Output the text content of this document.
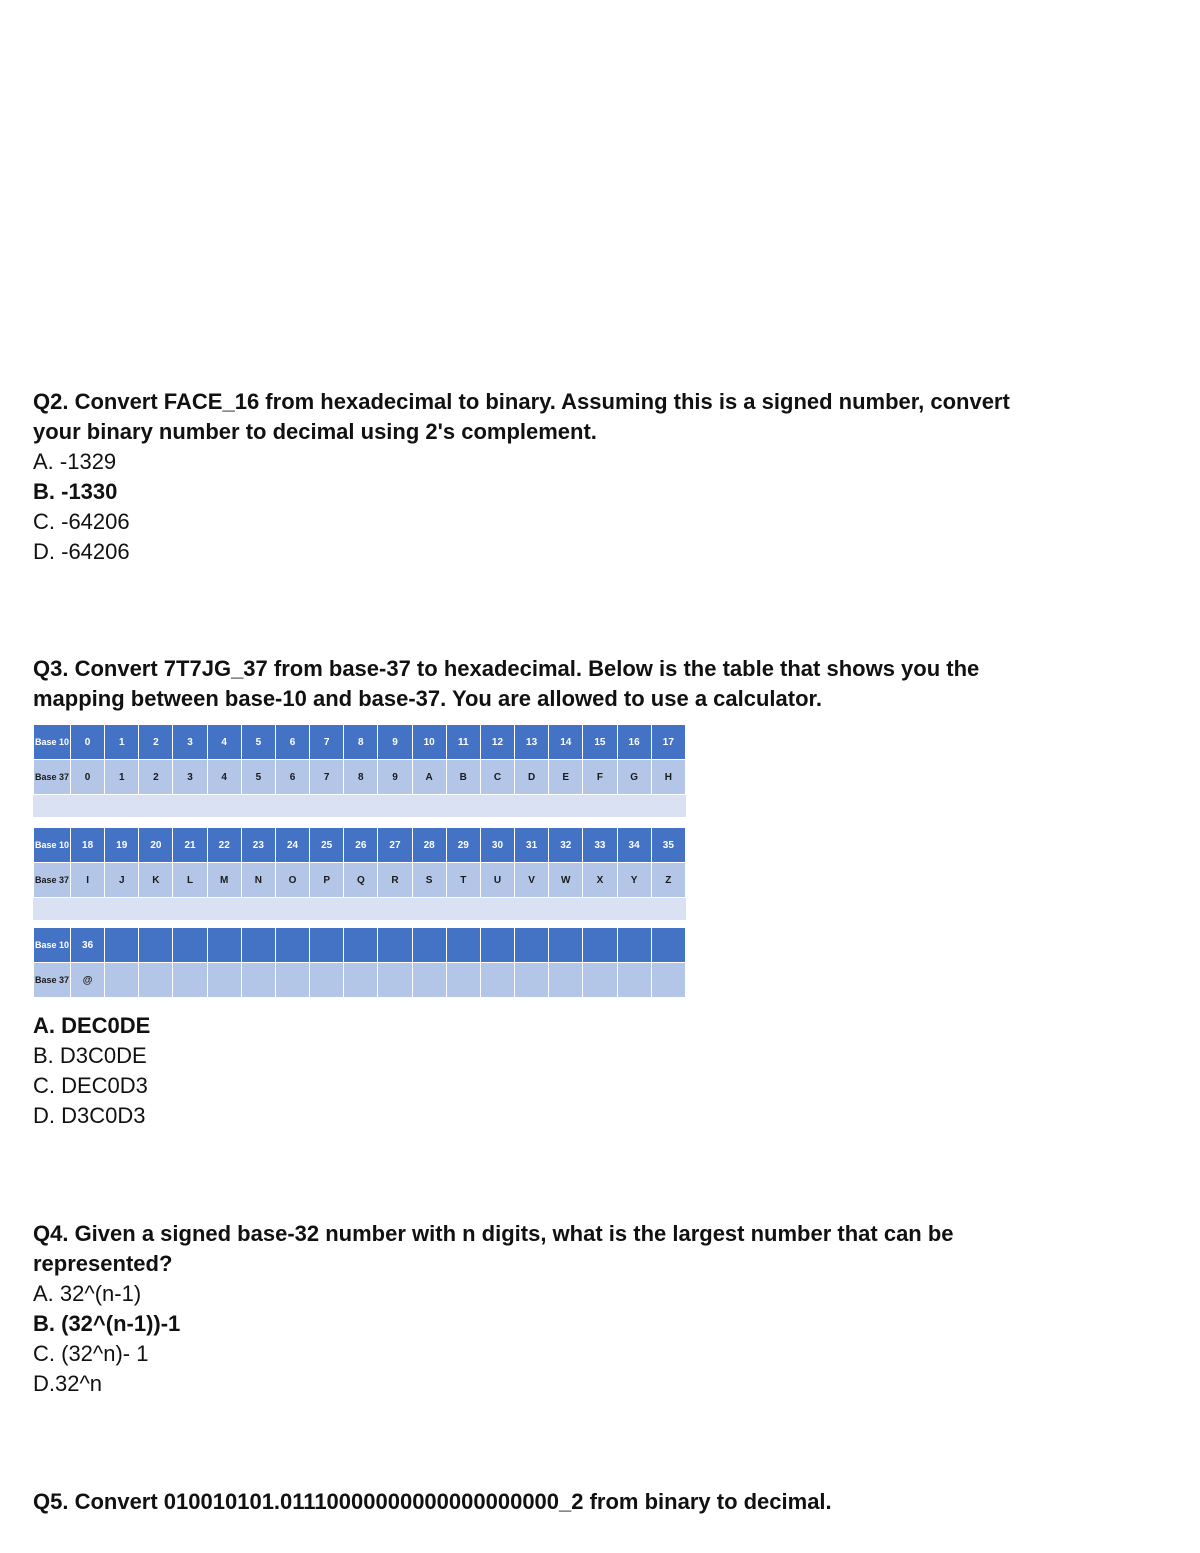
Q2. Convert FACE_16 from hexadecimal to binary. Assuming this is a signed number, convert your binary number to decimal using 2's complement.

A. -1329

B. -1330

C. -64206

D. -64206

Q3. Convert 7T7JG_37 from base-37 to hexadecimal. Below is the table that shows you the mapping between base-10 and base-37. You are allowed to use a calculator.

Base 10	0	1	2	3	4	5	6	7	8	9	10	11	12	13	14	15	16	17
Base 37	0	1	2	3	4	5	6	7	8	9	A	B	C	D	E	F	G	H
Base 10	18	19	20	21	22	23	24	25	26	27	28	29	30	31	32	33	34	35
Base 37	I	J	K	L	M	N	O	P	Q	R	S	T	U	V	W	X	Y	Z
Base 10	36																	
Base 37	@																	

A. DEC0DE

B. D3C0DE

C. DEC0D3

D. D3C0D3

Q4. Given a signed base-32 number with n digits, what is the largest number that can be represented?

A. 32^(n-1)

B. (32^(n-1))-1

C. (32^n)- 1

D.32^n

Q5. Convert 010010101.01110000000000000000000_2 from binary to decimal.
